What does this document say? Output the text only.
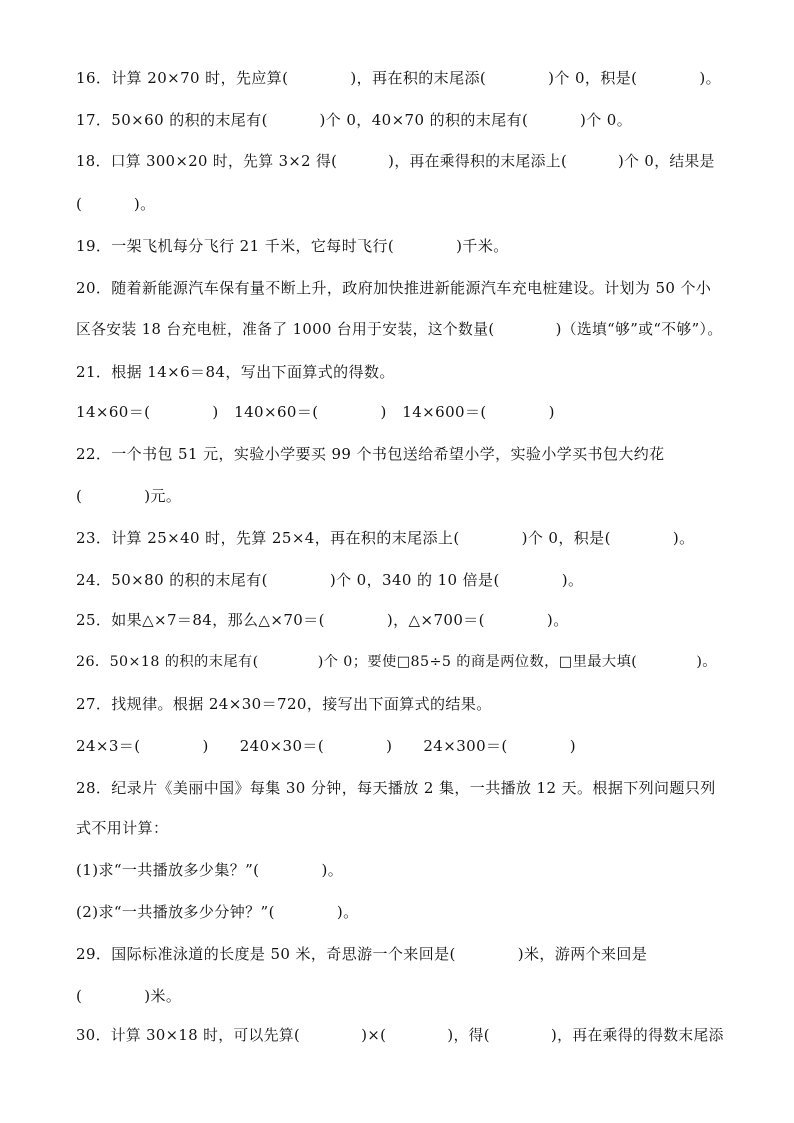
16．计算 20×70 时，先应算(            )，再在积的末尾添(            )个 0，积是(            )。
17．50×60 的积的末尾有(          )个 0，40×70 的积的末尾有(          )个 0。
18．口算 300×20 时，先算 3×2 得(          )，再在乘得积的末尾添上(          )个 0，结果是
(          )。
19．一架飞机每分飞行 21 千米，它每时飞行(            )千米。
20．随着新能源汽车保有量不断上升，政府加快推进新能源汽车充电桩建设。计划为 50 个小
区各安装 18 台充电桩，准备了 1000 台用于安装，这个数量(            )（选填“够”或“不够”）。
21．根据 14×6＝84，写出下面算式的得数。
14×60＝(            )   140×60＝(            )   14×600＝(            )
22．一个书包 51 元，实验小学要买 99 个书包送给希望小学，实验小学买书包大约花
(            )元。
23．计算 25×40 时，先算 25×4，再在积的末尾添上(            )个 0，积是(            )。
24．50×80 的积的末尾有(            )个 0，340 的 10 倍是(            )。
25．如果△×7＝84，那么△×70＝(            )，△×700＝(            )。
26．50×18 的积的末尾有(            )个 0；要使□85÷5 的商是两位数，□里最大填(            )。
27．找规律。根据 24×30＝720，接写出下面算式的结果。
24×3＝(            )      240×30＝(            )      24×300＝(            )
28．纪录片《美丽中国》每集 30 分钟，每天播放 2 集，一共播放 12 天。根据下列问题只列
式不用计算：
(1)求“一共播放多少集？”(            )。
(2)求“一共播放多少分钟？”(            )。
29．国际标准泳道的长度是 50 米，奇思游一个来回是(            )米，游两个来回是
(            )米。
30．计算 30×18 时，可以先算(            )×(            )，得(            )，再在乘得的得数末尾添
